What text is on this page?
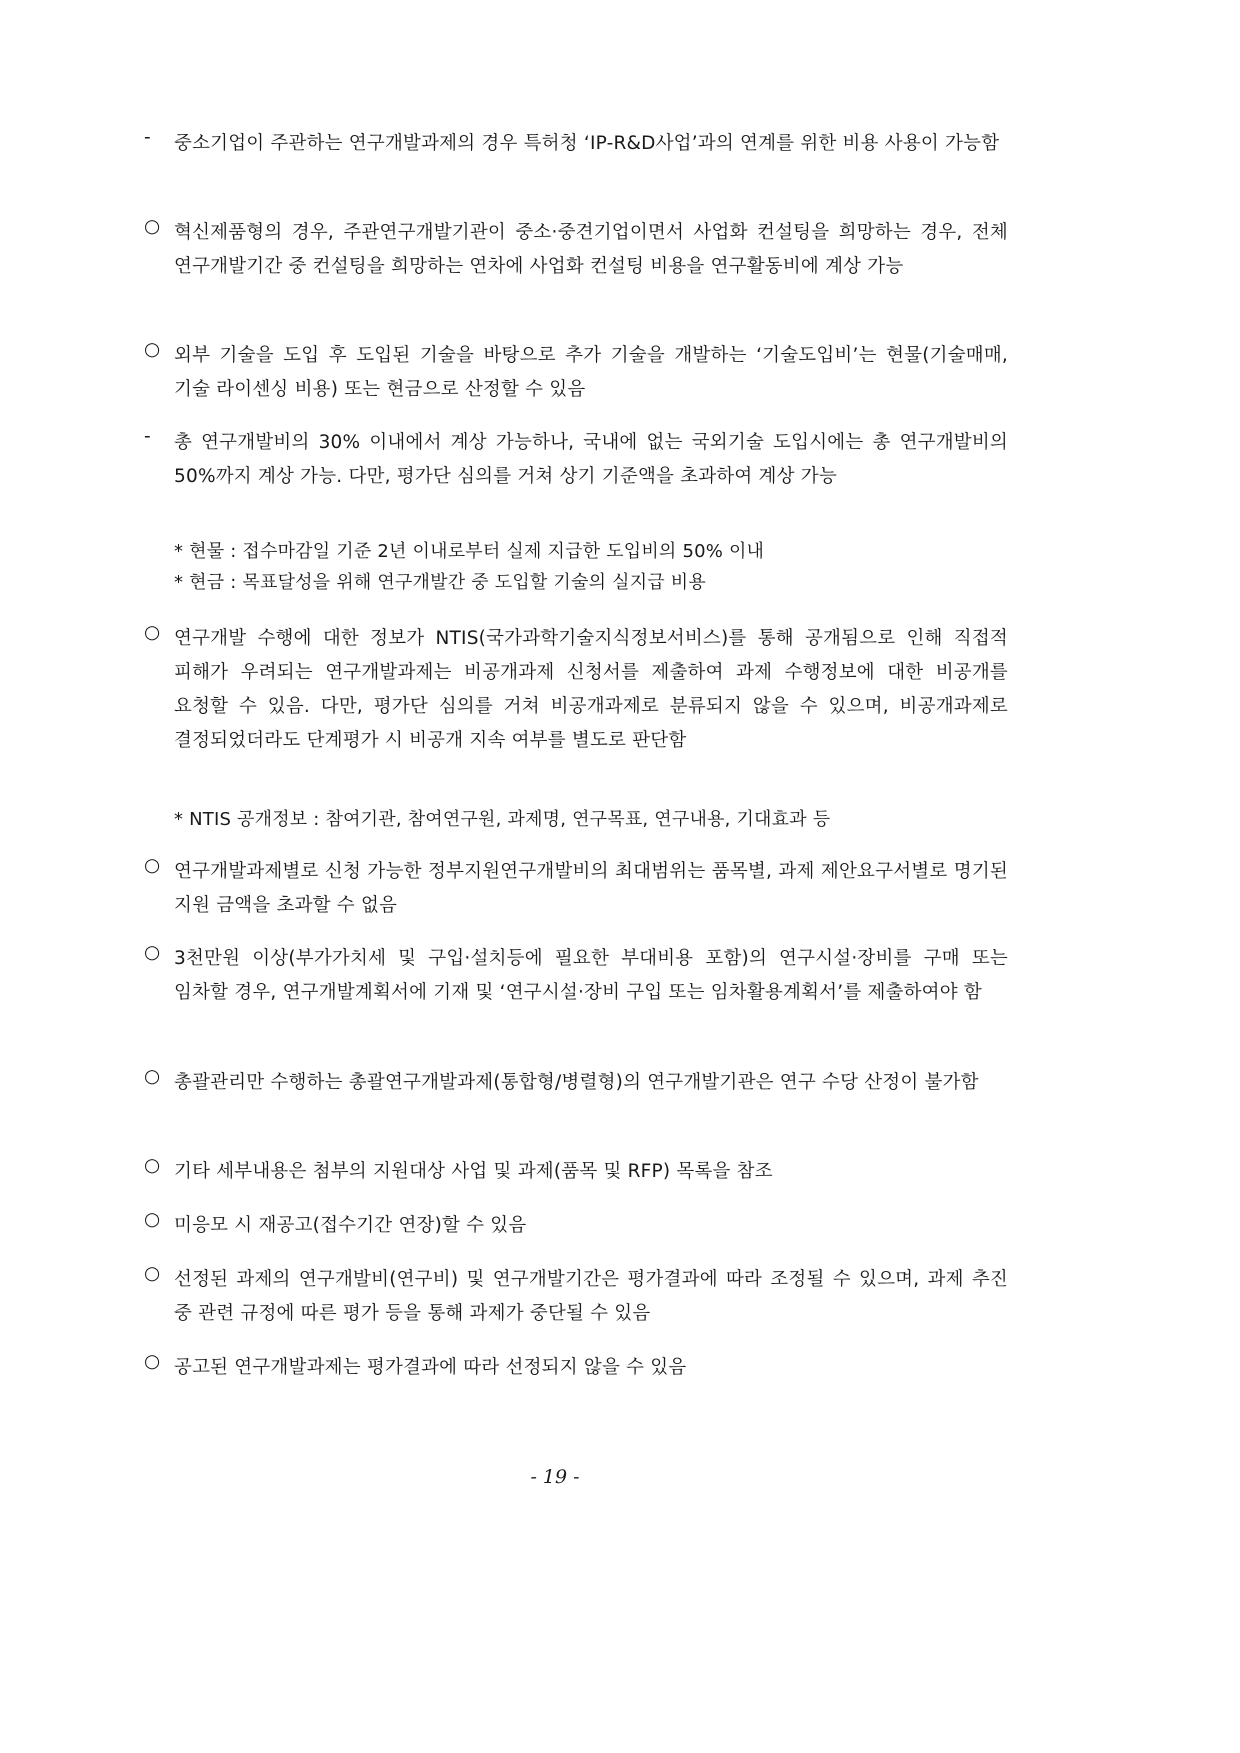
-	중소기업이 주관하는 연구개발과제의 경우 특허청 ‘IP-R&D사업’과의 연계를 위한 비용 사용이 가능함
○ 혁신제품형의 경우, 주관연구개발기관이 중소·중견기업이면서 사업화 컨설팅을 희망하는 경우, 전체 연구개발기간 중 컨설팅을 희망하는 연차에 사업화 컨설팅 비용을 연구활동비에 계상 가능
○ 외부 기술을 도입 후 도입된 기술을 바탕으로 추가 기술을 개발하는 ‘기술도입비’는 현물(기술매매, 기술 라이센싱 비용) 또는 현금으로 산정할 수 있음
-	총 연구개발비의 30% 이내에서 계상 가능하나, 국내에 없는 국외기술 도입시에는 총 연구개발비의 50%까지 계상 가능. 다만, 평가단 심의를 거쳐 상기 기준액을 초과하여 계상 가능
* 현물 : 접수마감일 기준 2년 이내로부터 실제 지급한 도입비의 50% 이내
* 현금 : 목표달성을 위해 연구개발간 중 도입할 기술의 실지급 비용
○ 연구개발 수행에 대한 정보가 NTIS(국가과학기술지식정보서비스)를 통해 공개됨으로 인해 직접적 피해가 우려되는 연구개발과제는 비공개과제 신청서를 제출하여 과제 수행정보에 대한 비공개를 요청할 수 있음. 다만, 평가단 심의를 거쳐 비공개과제로 분류되지 않을 수 있으며, 비공개과제로 결정되었더라도 단계평가 시 비공개 지속 여부를 별도로 판단함
* NTIS 공개정보 : 참여기관, 참여연구원, 과제명, 연구목표, 연구내용, 기대효과 등
○ 연구개발과제별로 신청 가능한 정부지원연구개발비의 최대범위는 품목별, 과제 제안요구서별로 명기된 지원 금액을 초과할 수 없음
○ 3천만원 이상(부가가치세 및 구입·설치등에 필요한 부대비용 포함)의 연구시설·장비를 구매 또는 임차할 경우, 연구개발계획서에 기재 및 ‘연구시설·장비 구입 또는 임차활용계획서’를 제출하여야 함
○ 총괄관리만 수행하는 총괄연구개발과제(통합형/병렬형)의 연구개발기관은 연구 수당 산정이 불가함
○ 기타 세부내용은 첨부의 지원대상 사업 및 과제(품목 및 RFP) 목록을 참조
○ 미응모 시 재공고(접수기간 연장)할 수 있음
○ 선정된 과제의 연구개발비(연구비) 및 연구개발기간은 평가결과에 따라 조정될 수 있으며, 과제 추진 중 관련 규정에 따른 평가 등을 통해 과제가 중단될 수 있음
○ 공고된 연구개발과제는 평가결과에 따라 선정되지 않을 수 있음
- 19 -
